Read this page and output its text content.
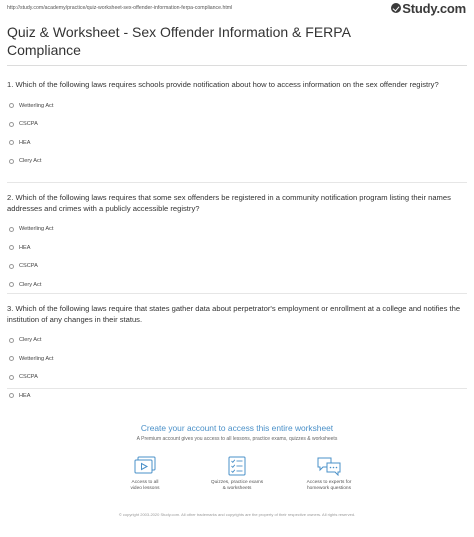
http://study.com/academy/practice/quiz-worksheet-sex-offender-information-ferpa-compliance.html	Study.com
Quiz & Worksheet - Sex Offender Information & FERPA
Compliance
1. Which of the following laws requires schools provide notification about how to access information on the sex offender registry?
Wetterling Act
CSCPA
HEA
Clery Act
2. Which of the following laws requires that some sex offenders be registered in a community notification program listing their names addresses and crimes with a publicly accessible registry?
Wetterling Act
HEA
CSCPA
Clery Act
3. Which of the following laws require that states gather data about perpetrator's employment or enrollment at a college and notifies the institution of any changes in their status.
Clery Act
Wetterling Act
CSCPA
HEA
Create your account to access this entire worksheet
A Premium account gives you access to all lessons, practice exams, quizzes & worksheets
Access to all
video lessons
Quizzes, practice exams
& worksheets
Access to experts for
homework questions
© copyright 2003-2020 Study.com. All other trademarks and copyrights are the property of their respective owners. All rights reserved.
